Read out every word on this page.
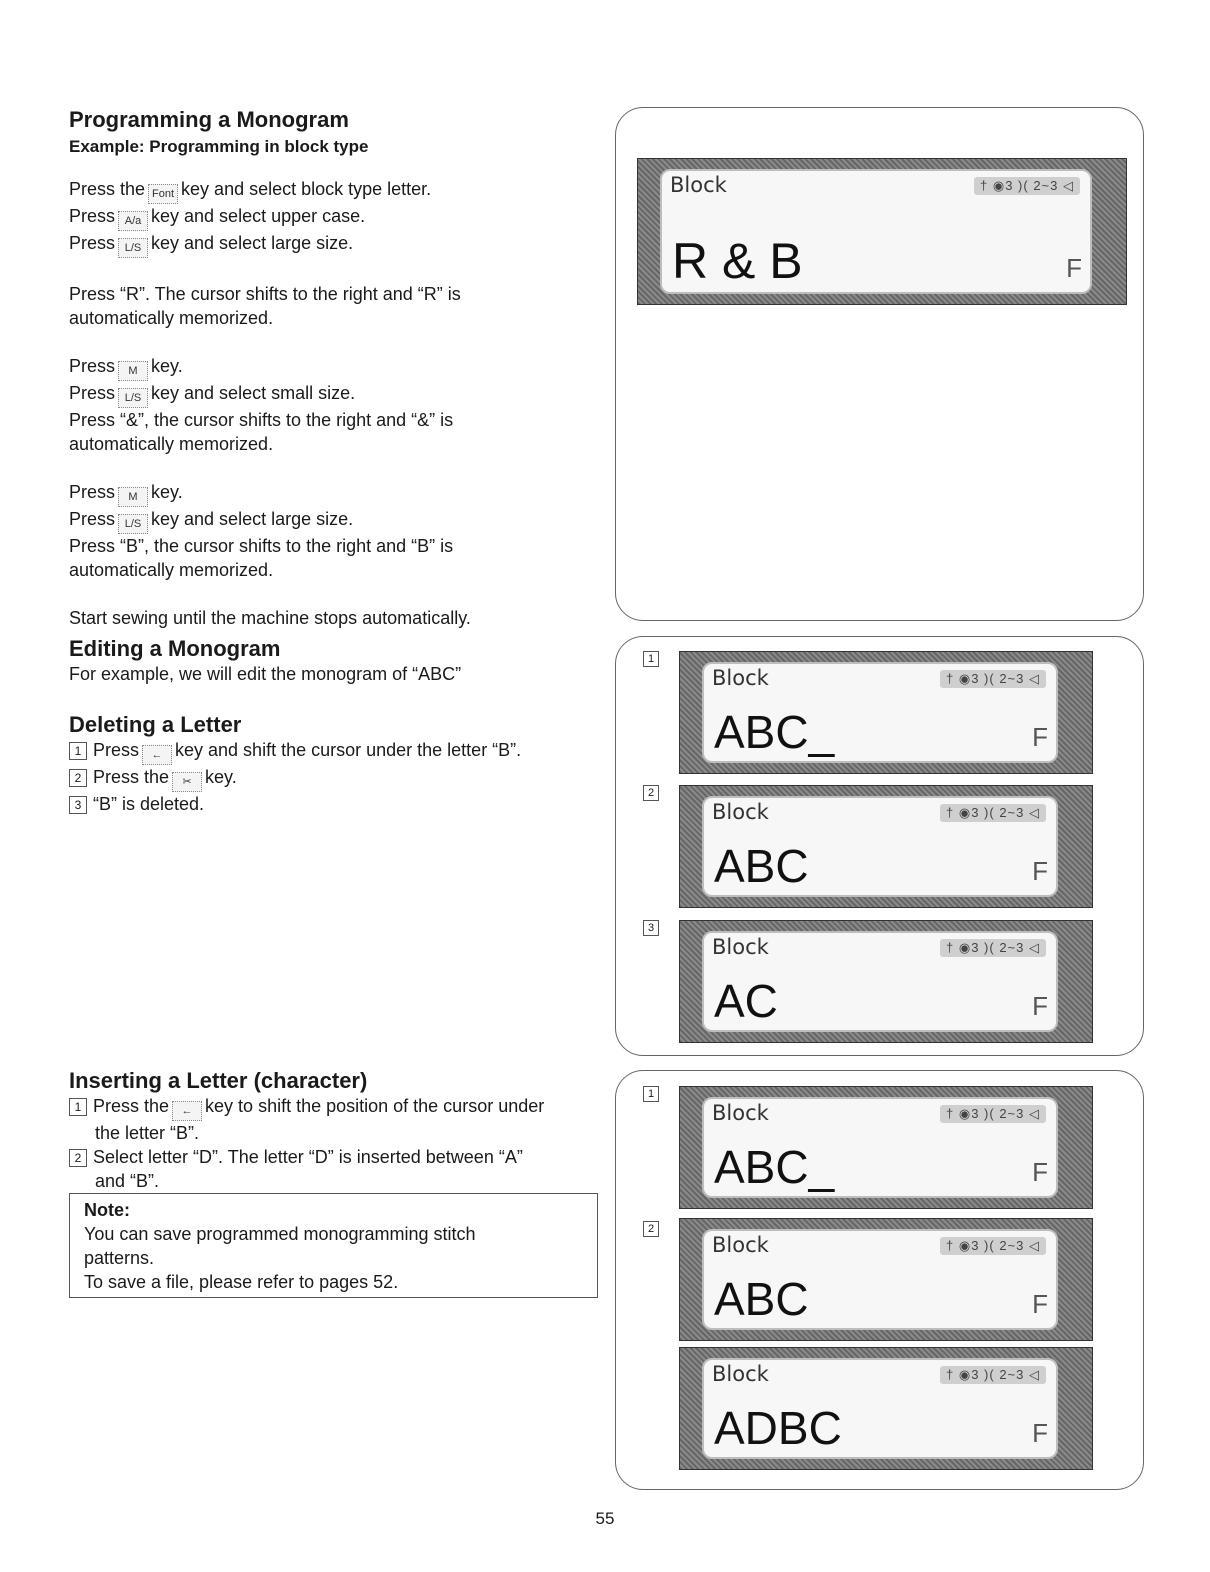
Programming a Monogram
Example: Programming in block type

Press the Font key and select block type letter.

Press A/a key and select upper case.

Press L/S key and select large size.

Press “R”. The cursor shifts to the right and “R” is

automatically memorized.

Press M key.

Press L/S key and select small size.

Press “&”, the cursor shifts to the right and “&” is

automatically memorized.

Press M key.

Press L/S key and select large size.

Press “B”, the cursor shifts to the right and “B” is

automatically memorized.

Start sewing until the machine stops automatically.

Editing a Monogram

For example, we will edit the monogram of “ABC”

Deleting a Letter

1 Press ← key and shift the cursor under the letter “B”.

2 Press the ✂ key.

3 “B” is deleted.

Inserting a Letter (character)

1 Press the ← key to shift the position of the cursor under

the letter “B”.

2 Select letter “D”. The letter “D” is inserted between “A”

and “B”.

Note:

You can save programmed monogramming stitch

patterns.

To save a file, please refer to pages 52.

Block	† ◉3 )( 2~3 ◁
R & B	F
1
Block	† ◉3 )( 2~3 ◁
ABC_	F
2
Block	† ◉3 )( 2~3 ◁
ABC	F
3
Block	† ◉3 )( 2~3 ◁
AC	F
1
Block	† ◉3 )( 2~3 ◁
ABC_	F
2
Block	† ◉3 )( 2~3 ◁
ABC	F
Block	† ◉3 )( 2~3 ◁
ADBC	F
55
